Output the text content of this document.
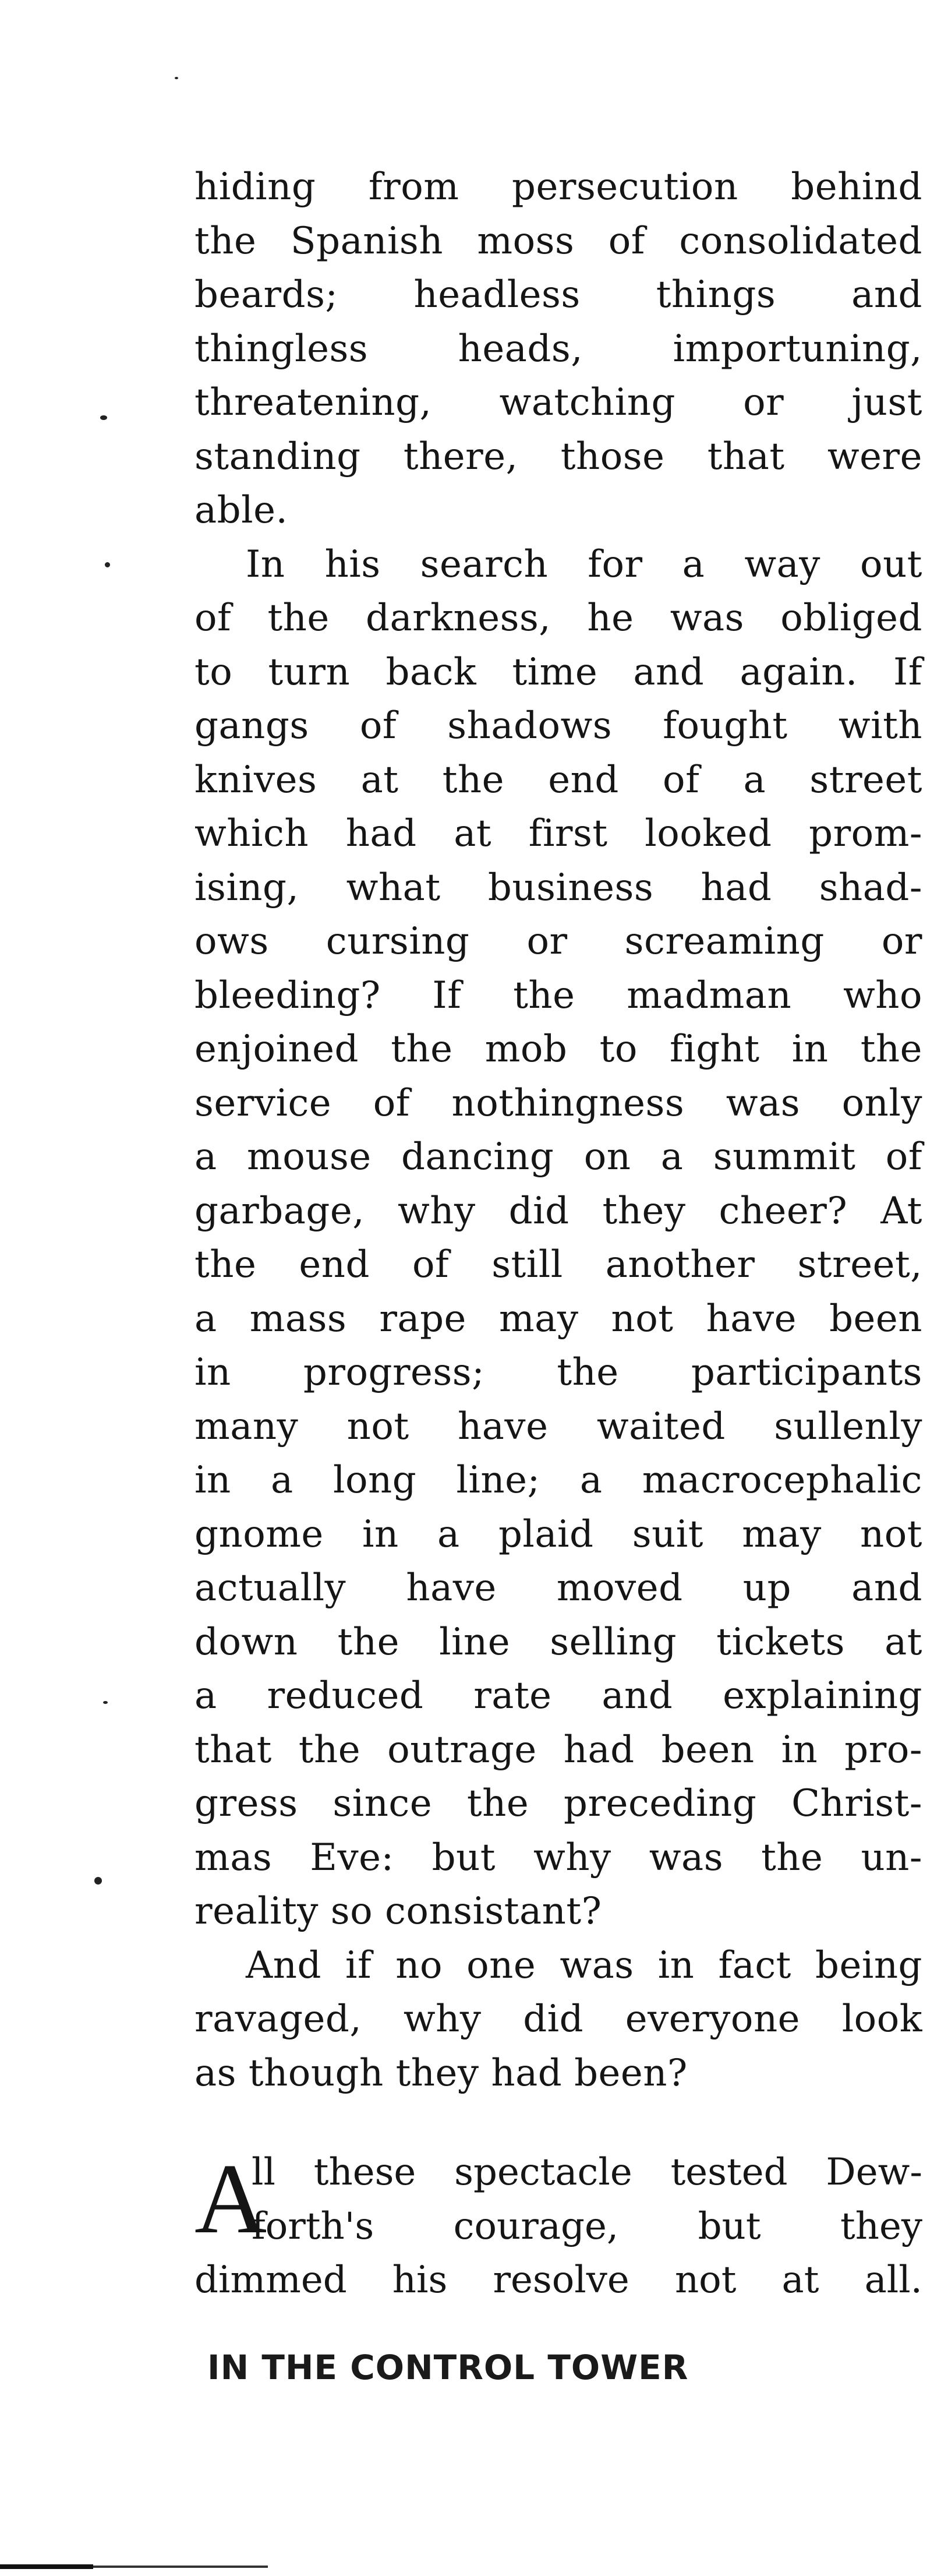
hiding from persecution behind
the Spanish moss of consolidated
beards; headless things and
thingless heads, importuning,
threatening, watching or just
standing there, those that were
able.
In his search for a way out
of the darkness, he was obliged
to turn back time and again. If
gangs of shadows fought with
knives at the end of a street
which had at first looked prom-
ising, what business had shad-
ows cursing or screaming or
bleeding? If the madman who
enjoined the mob to fight in the
service of nothingness was only
a mouse dancing on a summit of
garbage, why did they cheer? At
the end of still another street,
a mass rape may not have been
in progress; the participants
many not have waited sullenly
in a long line; a macrocephalic
gnome in a plaid suit may not
actually have moved up and
down the line selling tickets at
a reduced rate and explaining
that the outrage had been in pro-
gress since the preceding Christ-
mas Eve: but why was the un-
reality so consistant?
And if no one was in fact being
ravaged, why did everyone look
as though they had been?
A
ll these spectacle tested Dew-
forth's courage, but they
dimmed his resolve not at all.
IN THE CONTROL TOWER
